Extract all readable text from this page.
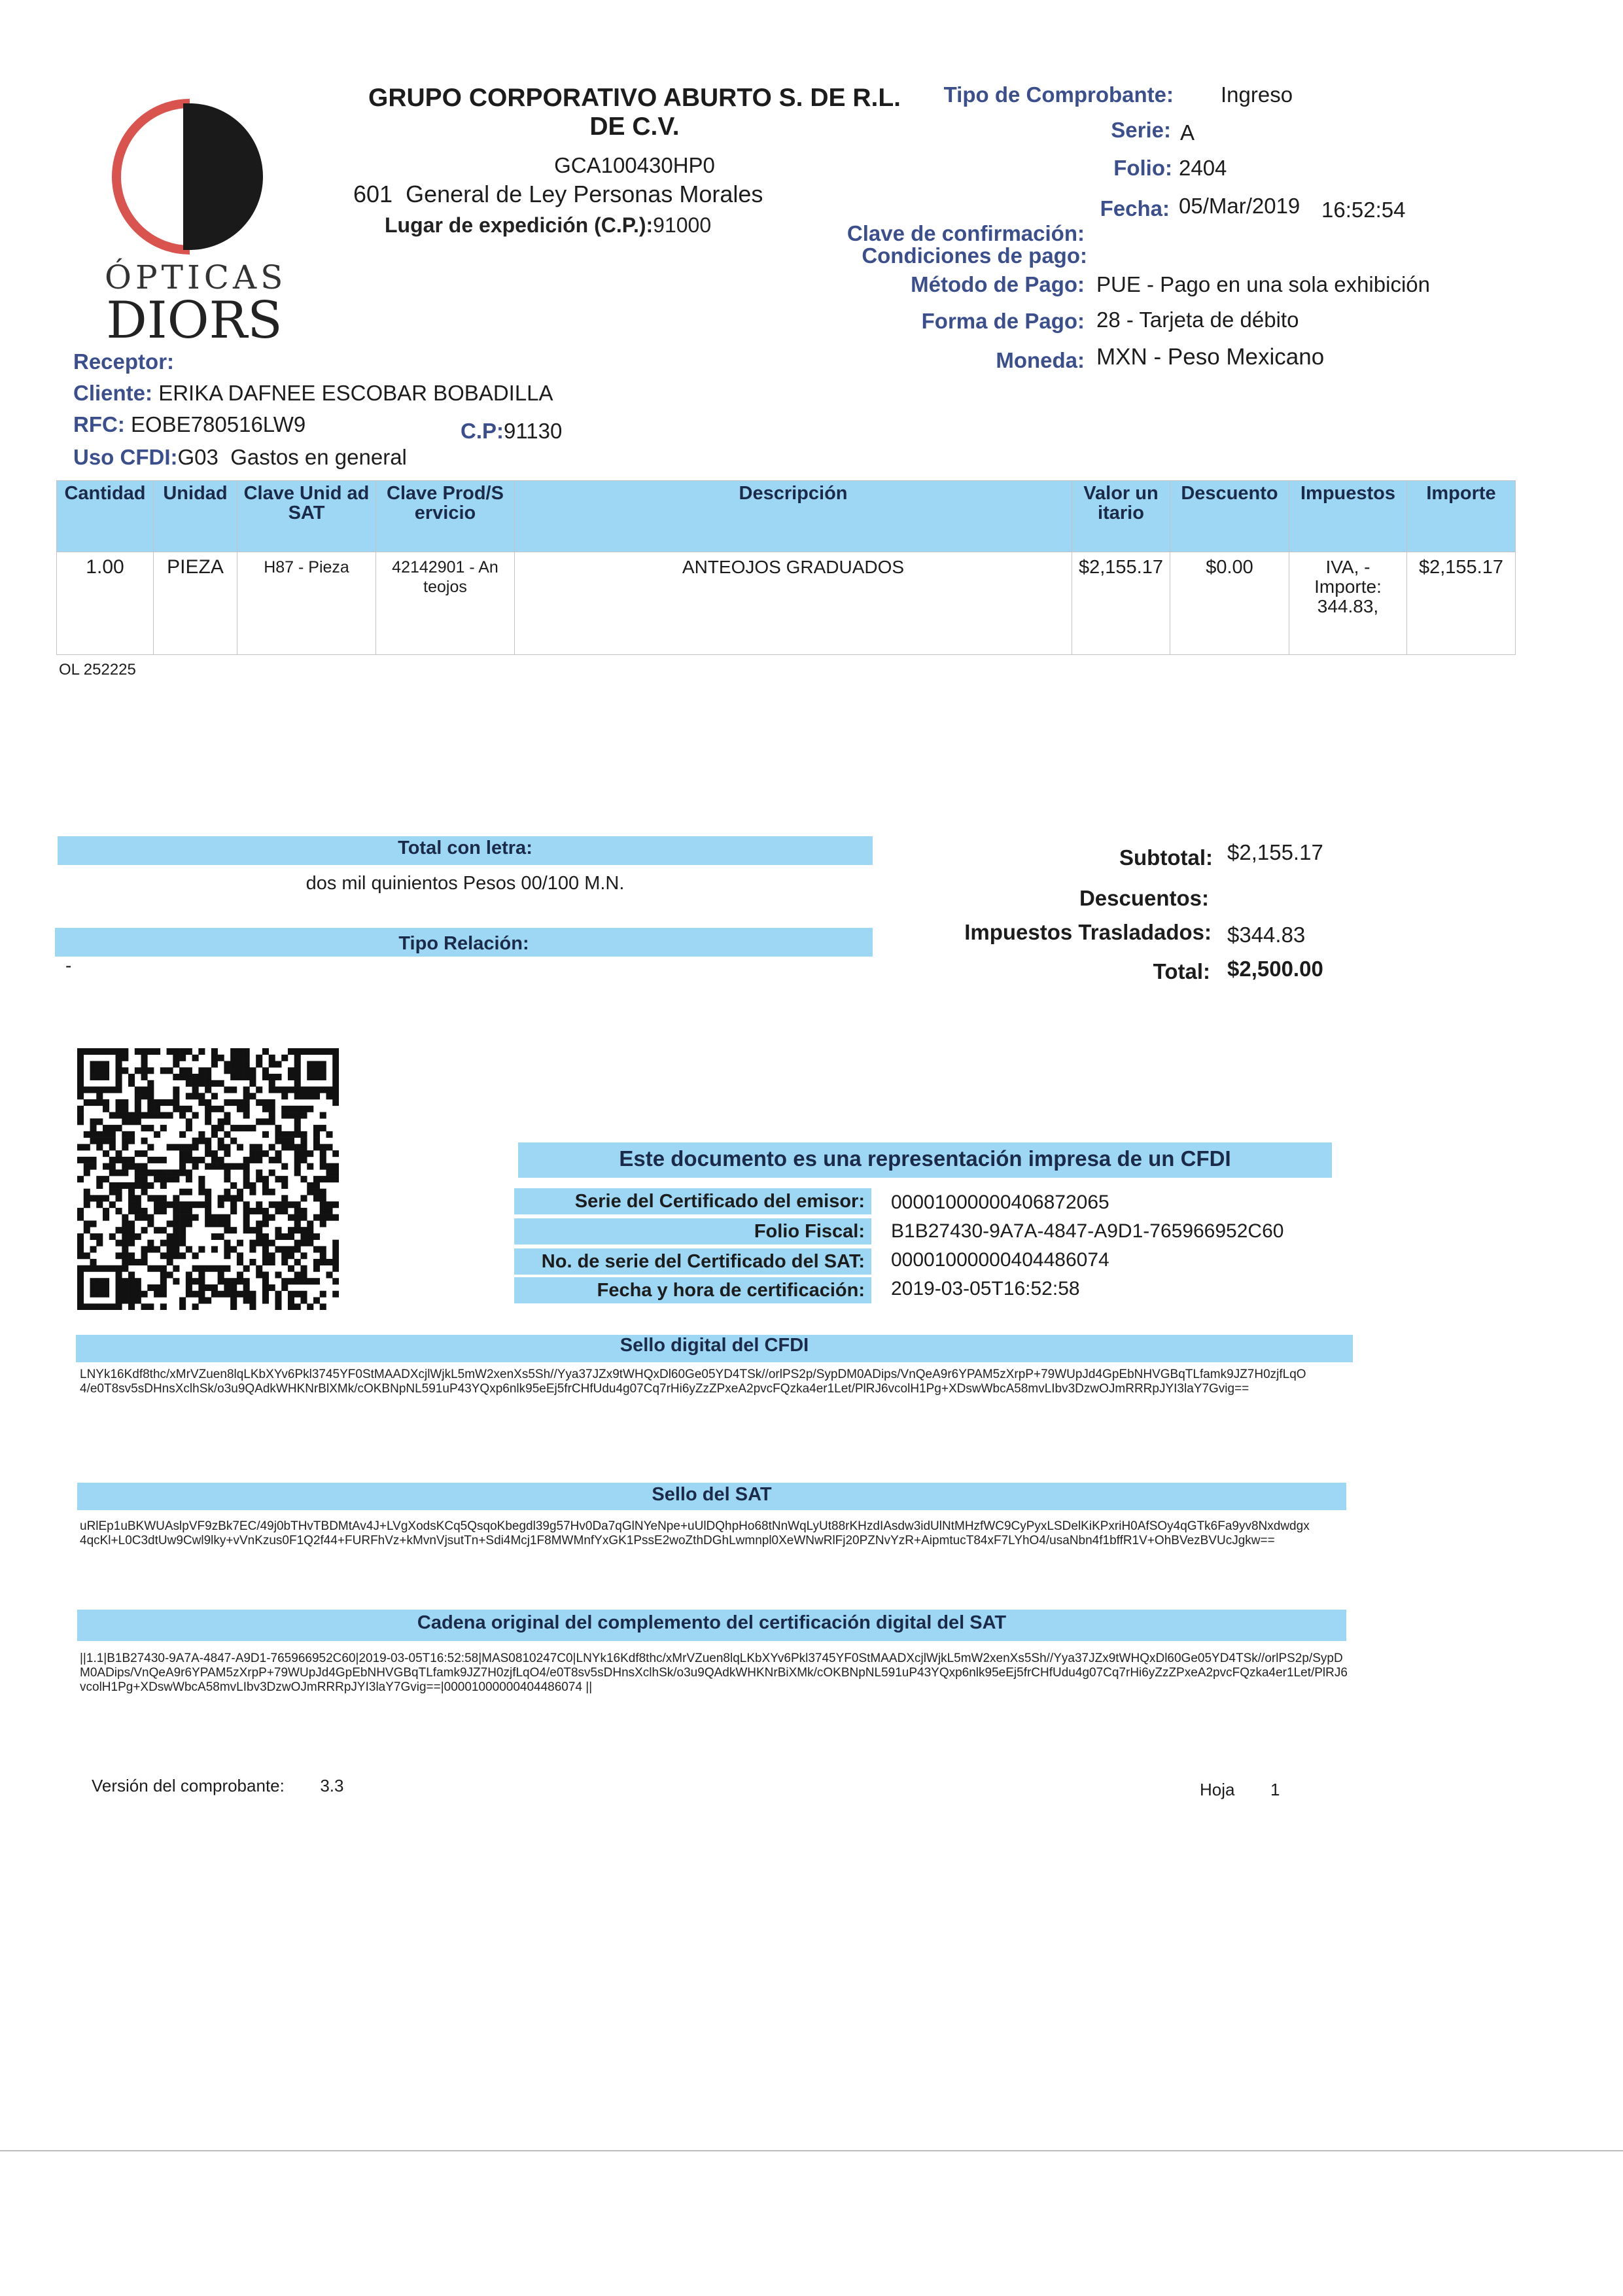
ÓPTICAS
DIORS
GRUPO CORPORATIVO ABURTO S. DE R.L. DE C.V.
GCA100430HP0
601 General de Ley Personas Morales
Lugar de expedición (C.P.):91000
Tipo de Comprobante: Ingreso
Serie: A
Folio: 2404
Fecha: 05/Mar/2019 16:52:54
Clave de confirmación:
Condiciones de pago:
Método de Pago: PUE - Pago en una sola exhibición
Forma de Pago: 28 - Tarjeta de débito
Moneda: MXN - Peso Mexicano
Receptor:
Cliente: ERIKA DAFNEE ESCOBAR BOBADILLA
RFC: EOBE780516LW9	C.P:91130
Uso CFDI:G03 Gastos en general
Cantidad	Unidad	Clave Unid ad SAT	Clave Prod/S ervicio	Descripción	Valor un itario	Descuento	Impuestos	Importe
1.00	PIEZA	H87 - Pieza	42142901 - An teojos	ANTEOJOS GRADUADOS	$2,155.17	$0.00	IVA, - Importe: 344.83,	$2,155.17
OL 252225
Total con letra:
dos mil quinientos Pesos 00/100 M.N.
Tipo Relación:
-
Subtotal: $2,155.17
Descuentos:
Impuestos Trasladados: $344.83
Total: $2,500.00
Este documento es una representación impresa de un CFDI
Serie del Certificado del emisor:	00001000000406872065
Folio Fiscal:	B1B27430-9A7A-4847-A9D1-765966952C60
No. de serie del Certificado del SAT:	00001000000404486074
Fecha y hora de certificación:	2019-03-05T16:52:58
Sello digital del CFDI
LNYk16Kdf8thc/xMrVZuen8lqLKbXYv6Pkl3745YF0StMAADXcjlWjkL5mW2xenXs5Sh//Yya37JZx9tWHQxDl60Ge05YD4TSk//orlPS2p/SypDM0ADips/VnQeA9r6YPAM5zXrpP+79WUpJd4GpEbNHVGBqTLfamk9JZ7H0zjfLqO4/e0T8sv5sDHnsXclhSk/o3u9QAdkWHKNrBlXMk/cOKBNpNL591uP43YQxp6nlk95eEj5frCHfUdu4g07Cq7rHi6yZzZPxeA2pvcFQzka4er1Let/PlRJ6vcolH1Pg+XDswWbcA58mvLIbv3DzwOJmRRRpJYI3laY7Gvig==
Sello del SAT
uRlEp1uBKWUAslpVF9zBk7EC/49j0bTHvTBDMtAv4J+LVgXodsKCq5QsqoKbegdl39g57Hv0Da7qGlNYeNpe+uUlDQhpHo68tNnWqLyUt88rKHzdIAsdw3idUlNtMHzfWC9CyPyxLSDelKiKPxriH0AfSOy4qGTk6Fa9yv8Nxdwdgx4qcKl+L0C3dtUw9Cwl9lky+vVnKzus0F1Q2f44+FURFhVz+kMvnVjsutTn+Sdi4Mcj1F8MWMnfYxGK1PssE2woZthDGhLwmnpl0XeWNwRlFj20PZNvYzR+AipmtucT84xF7LYhO4/usaNbn4f1bffR1V+OhBVezBVUcJgkw==
Cadena original del complemento del certificación digital del SAT
||1.1|B1B27430-9A7A-4847-A9D1-765966952C60|2019-03-05T16:52:58|MAS0810247C0|LNYk16Kdf8thc/xMrVZuen8lqLKbXYv6Pkl3745YF0StMAADXcjlWjkL5mW2xenXs5Sh//Yya37JZx9tWHQxDl60Ge05YD4TSk//orlPS2p/SypDM0ADips/VnQeA9r6YPAM5zXrpP+79WUpJd4GpEbNHVGBqTLfamk9JZ7H0zjfLqO4/e0T8sv5sDHnsXclhSk/o3u9QAdkWHKNrBiXMk/cOKBNpNL591uP43YQxp6nlk95eEj5frCHfUdu4g07Cq7rHi6yZzZPxeA2pvcFQzka4er1Let/PlRJ6vcolH1Pg+XDswWbcA58mvLIbv3DzwOJmRRRpJYI3laY7Gvig==|00001000000404486074 ||
Versión del comprobante: 3.3	Hoja 1
